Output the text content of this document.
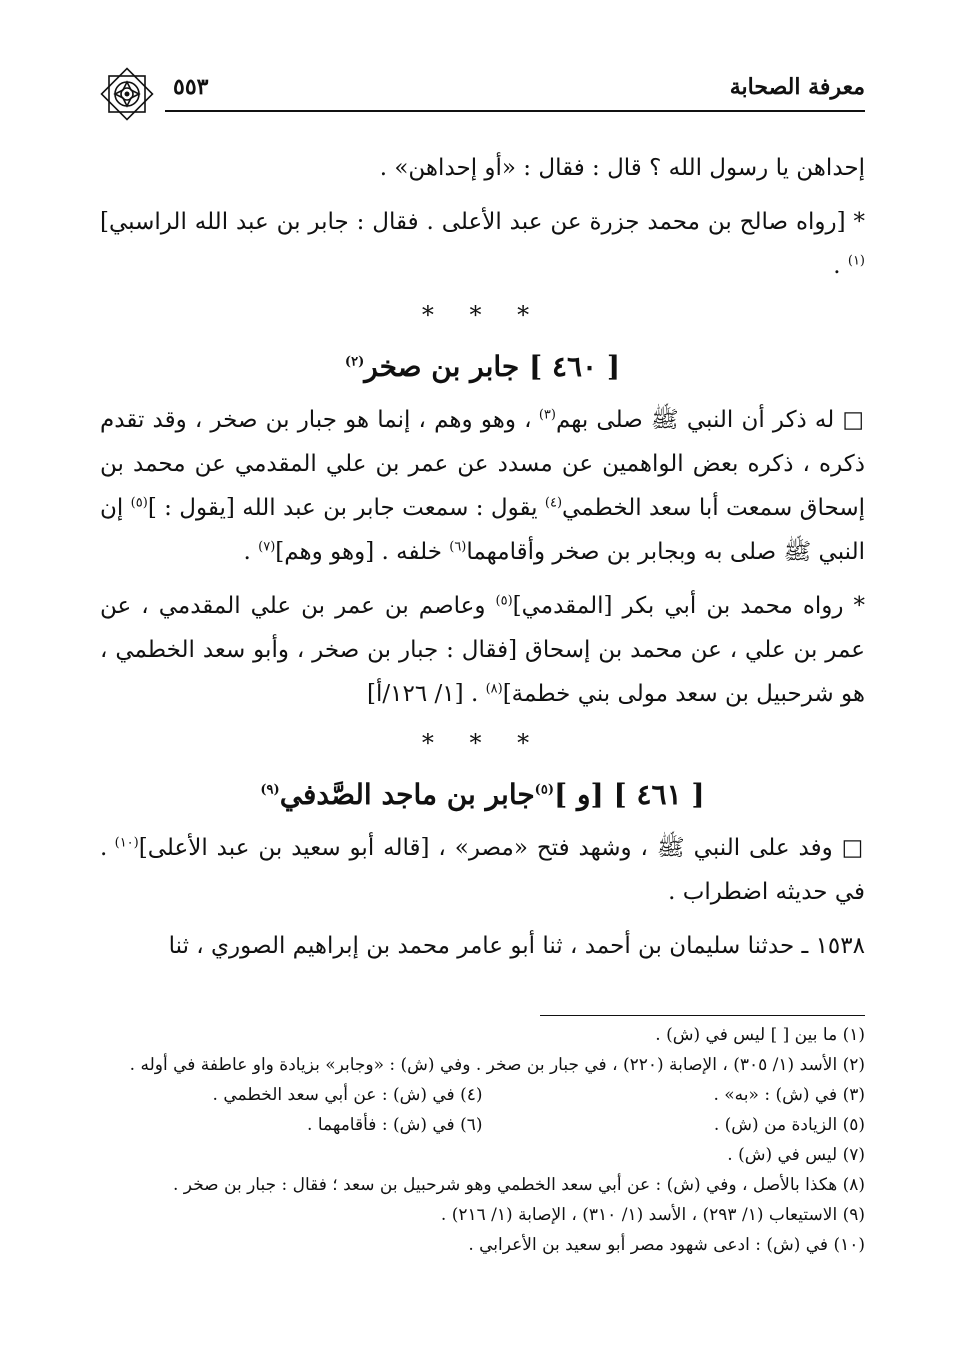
معرفة الصحابة
٥٥٣

إحداهن يا رسول الله ؟ قال : فقال : «أو إحداهن» .

* [رواه صالح بن محمد جزرة عن عبد الأعلى . فقال : جابر بن عبد الله الراسبي]$^{(١)}$ .

* * *
[ ٤٦٠ ] جابر بن صخر$^{(٢)}$

□ له ذكر أن النبي ﷺ صلى بهم$^{(٣)}$ ، وهو وهم ، إنما هو جبار بن صخر ، وقد تقدم ذكره ، ذكره بعض الواهمين عن مسدد عن عمر بن علي المقدمي عن محمد بن إسحاق سمعت أبا سعد الخطمي$^{(٤)}$ يقول : سمعت جابر بن عبد الله [يقول : ]$^{(٥)}$ إن النبي ﷺ صلى به وبجابر بن صخر وأقامهما$^{(٦)}$ خلفه . [وهو وهم]$^{(٧)}$ .

* رواه محمد بن أبي بكر [المقدمي]$^{(٥)}$ وعاصم بن عمر بن علي المقدمي ، عن عمر بن علي ، عن محمد بن إسحاق [فقال : جبار بن صخر ، وأبو سعد الخطمي ، هو شرحبيل بن سعد مولى بني خطمة]$^{(٨)}$ . [١/ ١٢٦/أ]

* * *
[ ٤٦١ ] [و ]$^{(٥)}$جابر بن ماجد الصَّدفي$^{(٩)}$

□ وفد على النبي ﷺ ، وشهد فتح «مصر» ، [قاله أبو سعيد بن عبد الأعلى]$^{(١٠)}$ . في حديثه اضطراب .

١٥٣٨ ـ حدثنا سليمان بن أحمد ، ثنا أبو عامر محمد بن إبراهيم الصوري ، ثنا

(١) ما بين [ ] ليس في (ش) .

(٢) الأسد (١/ ٣٠٥) ، الإصابة (٢٢٠) ، في جبار بن صخر . وفي (ش) : «وجابر» بزيادة واو عاطفة في أوله .

(٣) في (ش) : «به» .

(٤) في (ش) : عن أبي سعد الخطمي .

(٥) الزيادة من (ش) .

(٦) في (ش) : فأقامهما .

(٧) ليس في (ش) .

(٨) هكذا بالأصل ، وفي (ش) : عن أبي سعد الخطمي وهو شرحبيل بن سعد ؛ فقال : جبار بن صخر .

(٩) الاستيعاب (١/ ٢٩٣) ، الأسد (١/ ٣١٠) ، الإصابة (١/ ٢١٦) .

(١٠) في (ش) : ادعى شهود مصر أبو سعيد بن الأعرابي .
